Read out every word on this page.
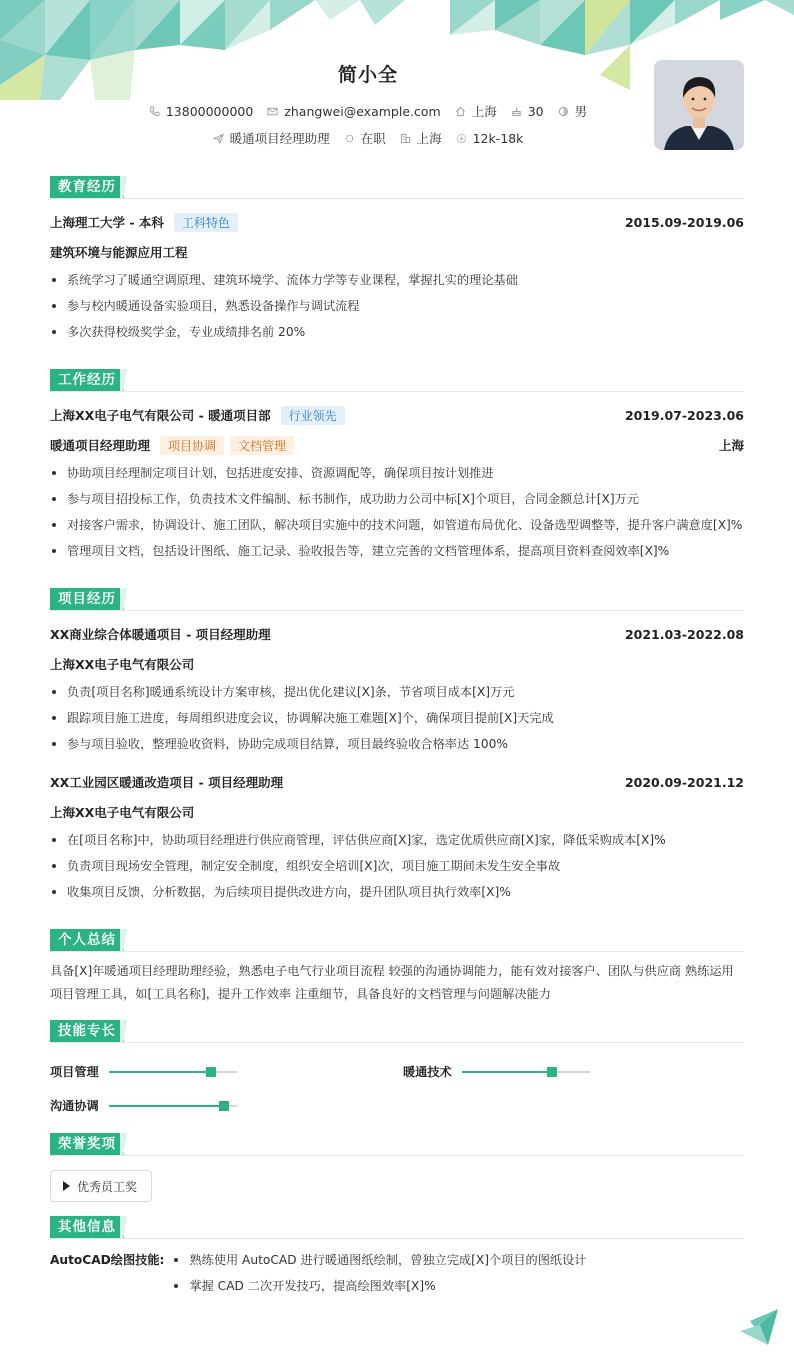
简小全
13800000000 zhangwei@example.com 上海 30 男
暖通项目经理助理 在职 上海 12k-18k
教育经历
上海理工大学 - 本科	工科特色	2015.09-2019.06
建筑环境与能源应用工程
系统学习了暖通空调原理、建筑环境学、流体力学等专业课程，掌握扎实的理论基础
参与校内暖通设备实验项目，熟悉设备操作与调试流程
多次获得校级奖学金，专业成绩排名前 20%
工作经历
上海XX电子电气有限公司 - 暖通项目部	行业领先	2019.07-2023.06
暖通项目经理助理	项目协调	文档管理	上海
协助项目经理制定项目计划，包括进度安排、资源调配等，确保项目按计划推进
参与项目招投标工作，负责技术文件编制、标书制作，成功助力公司中标[X]个项目，合同金额总计[X]万元
对接客户需求，协调设计、施工团队，解决项目实施中的技术问题，如管道布局优化、设备选型调整等，提升客户满意度[X]%
管理项目文档，包括设计图纸、施工记录、验收报告等，建立完善的文档管理体系，提高项目资料查阅效率[X]%
项目经历
XX商业综合体暖通项目 - 项目经理助理	2021.03-2022.08
上海XX电子电气有限公司
负责[项目名称]暖通系统设计方案审核，提出优化建议[X]条，节省项目成本[X]万元
跟踪项目施工进度，每周组织进度会议，协调解决施工难题[X]个，确保项目提前[X]天完成
参与项目验收，整理验收资料，协助完成项目结算，项目最终验收合格率达 100%
XX工业园区暖通改造项目 - 项目经理助理	2020.09-2021.12
上海XX电子电气有限公司
在[项目名称]中，协助项目经理进行供应商管理，评估供应商[X]家，选定优质供应商[X]家，降低采购成本[X]%
负责项目现场安全管理，制定安全制度，组织安全培训[X]次，项目施工期间未发生安全事故
收集项目反馈，分析数据，为后续项目提供改进方向，提升团队项目执行效率[X]%
个人总结
具备[X]年暖通项目经理助理经验，熟悉电子电气行业项目流程 较强的沟通协调能力，能有效对接客户、团队与供应商 熟练运用项目管理工具，如[工具名称]，提升工作效率 注重细节，具备良好的文档管理与问题解决能力
技能专长
项目管理	暖通技术
沟通协调
荣誉奖项
优秀员工奖
其他信息
AutoCAD绘图技能:	熟练使用 AutoCAD 进行暖通图纸绘制，曾独立完成[X]个项目的图纸设计
掌握 CAD 二次开发技巧，提高绘图效率[X]%
